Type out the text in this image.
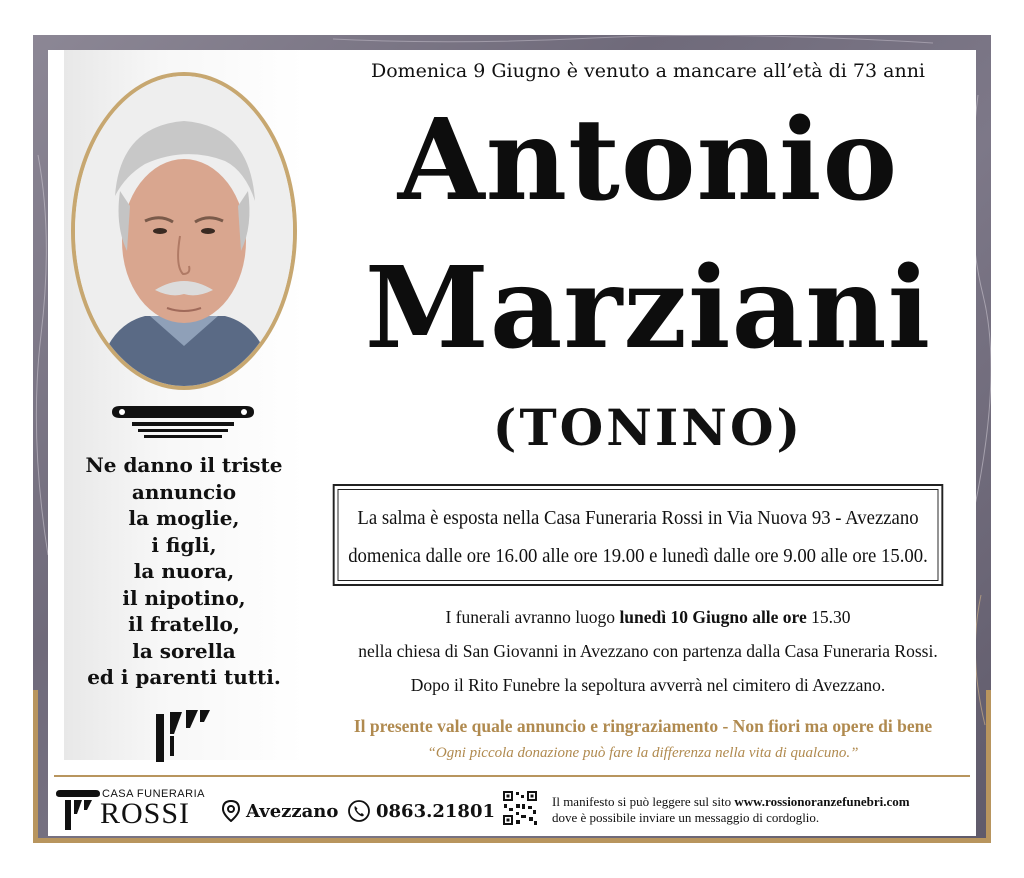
Ne danno il triste
annuncio
la moglie,
i figli,
la nuora,
il nipotino,
il fratello,
la sorella
ed i parenti tutti.
Domenica 9 Giugno è venuto a mancare all’età di 73 anni
Antonio
Marziani
(TONINO)
La salma è esposta nella Casa Funeraria Rossi in Via Nuova 93 - Avezzano
domenica dalle ore 16.00 alle ore 19.00 e lunedì dalle ore 9.00 alle ore 15.00.
I funerali avranno luogo lunedì 10 Giugno alle ore 15.30
nella chiesa di San Giovanni in Avezzano con partenza dalla Casa Funeraria Rossi.
Dopo il Rito Funebre la sepoltura avverrà nel cimitero di Avezzano.
Il presente vale quale annuncio e ringraziamento - Non fiori ma opere di bene
“Ogni piccola donazione può fare la differenza nella vita di qualcuno.”
CASA FUNERARIA
ROSSI	Avezzano 0863.21801	Il manifesto si può leggere sul sito www.rossionoranzefunebri.com
dove è possibile inviare un messaggio di cordoglio.
